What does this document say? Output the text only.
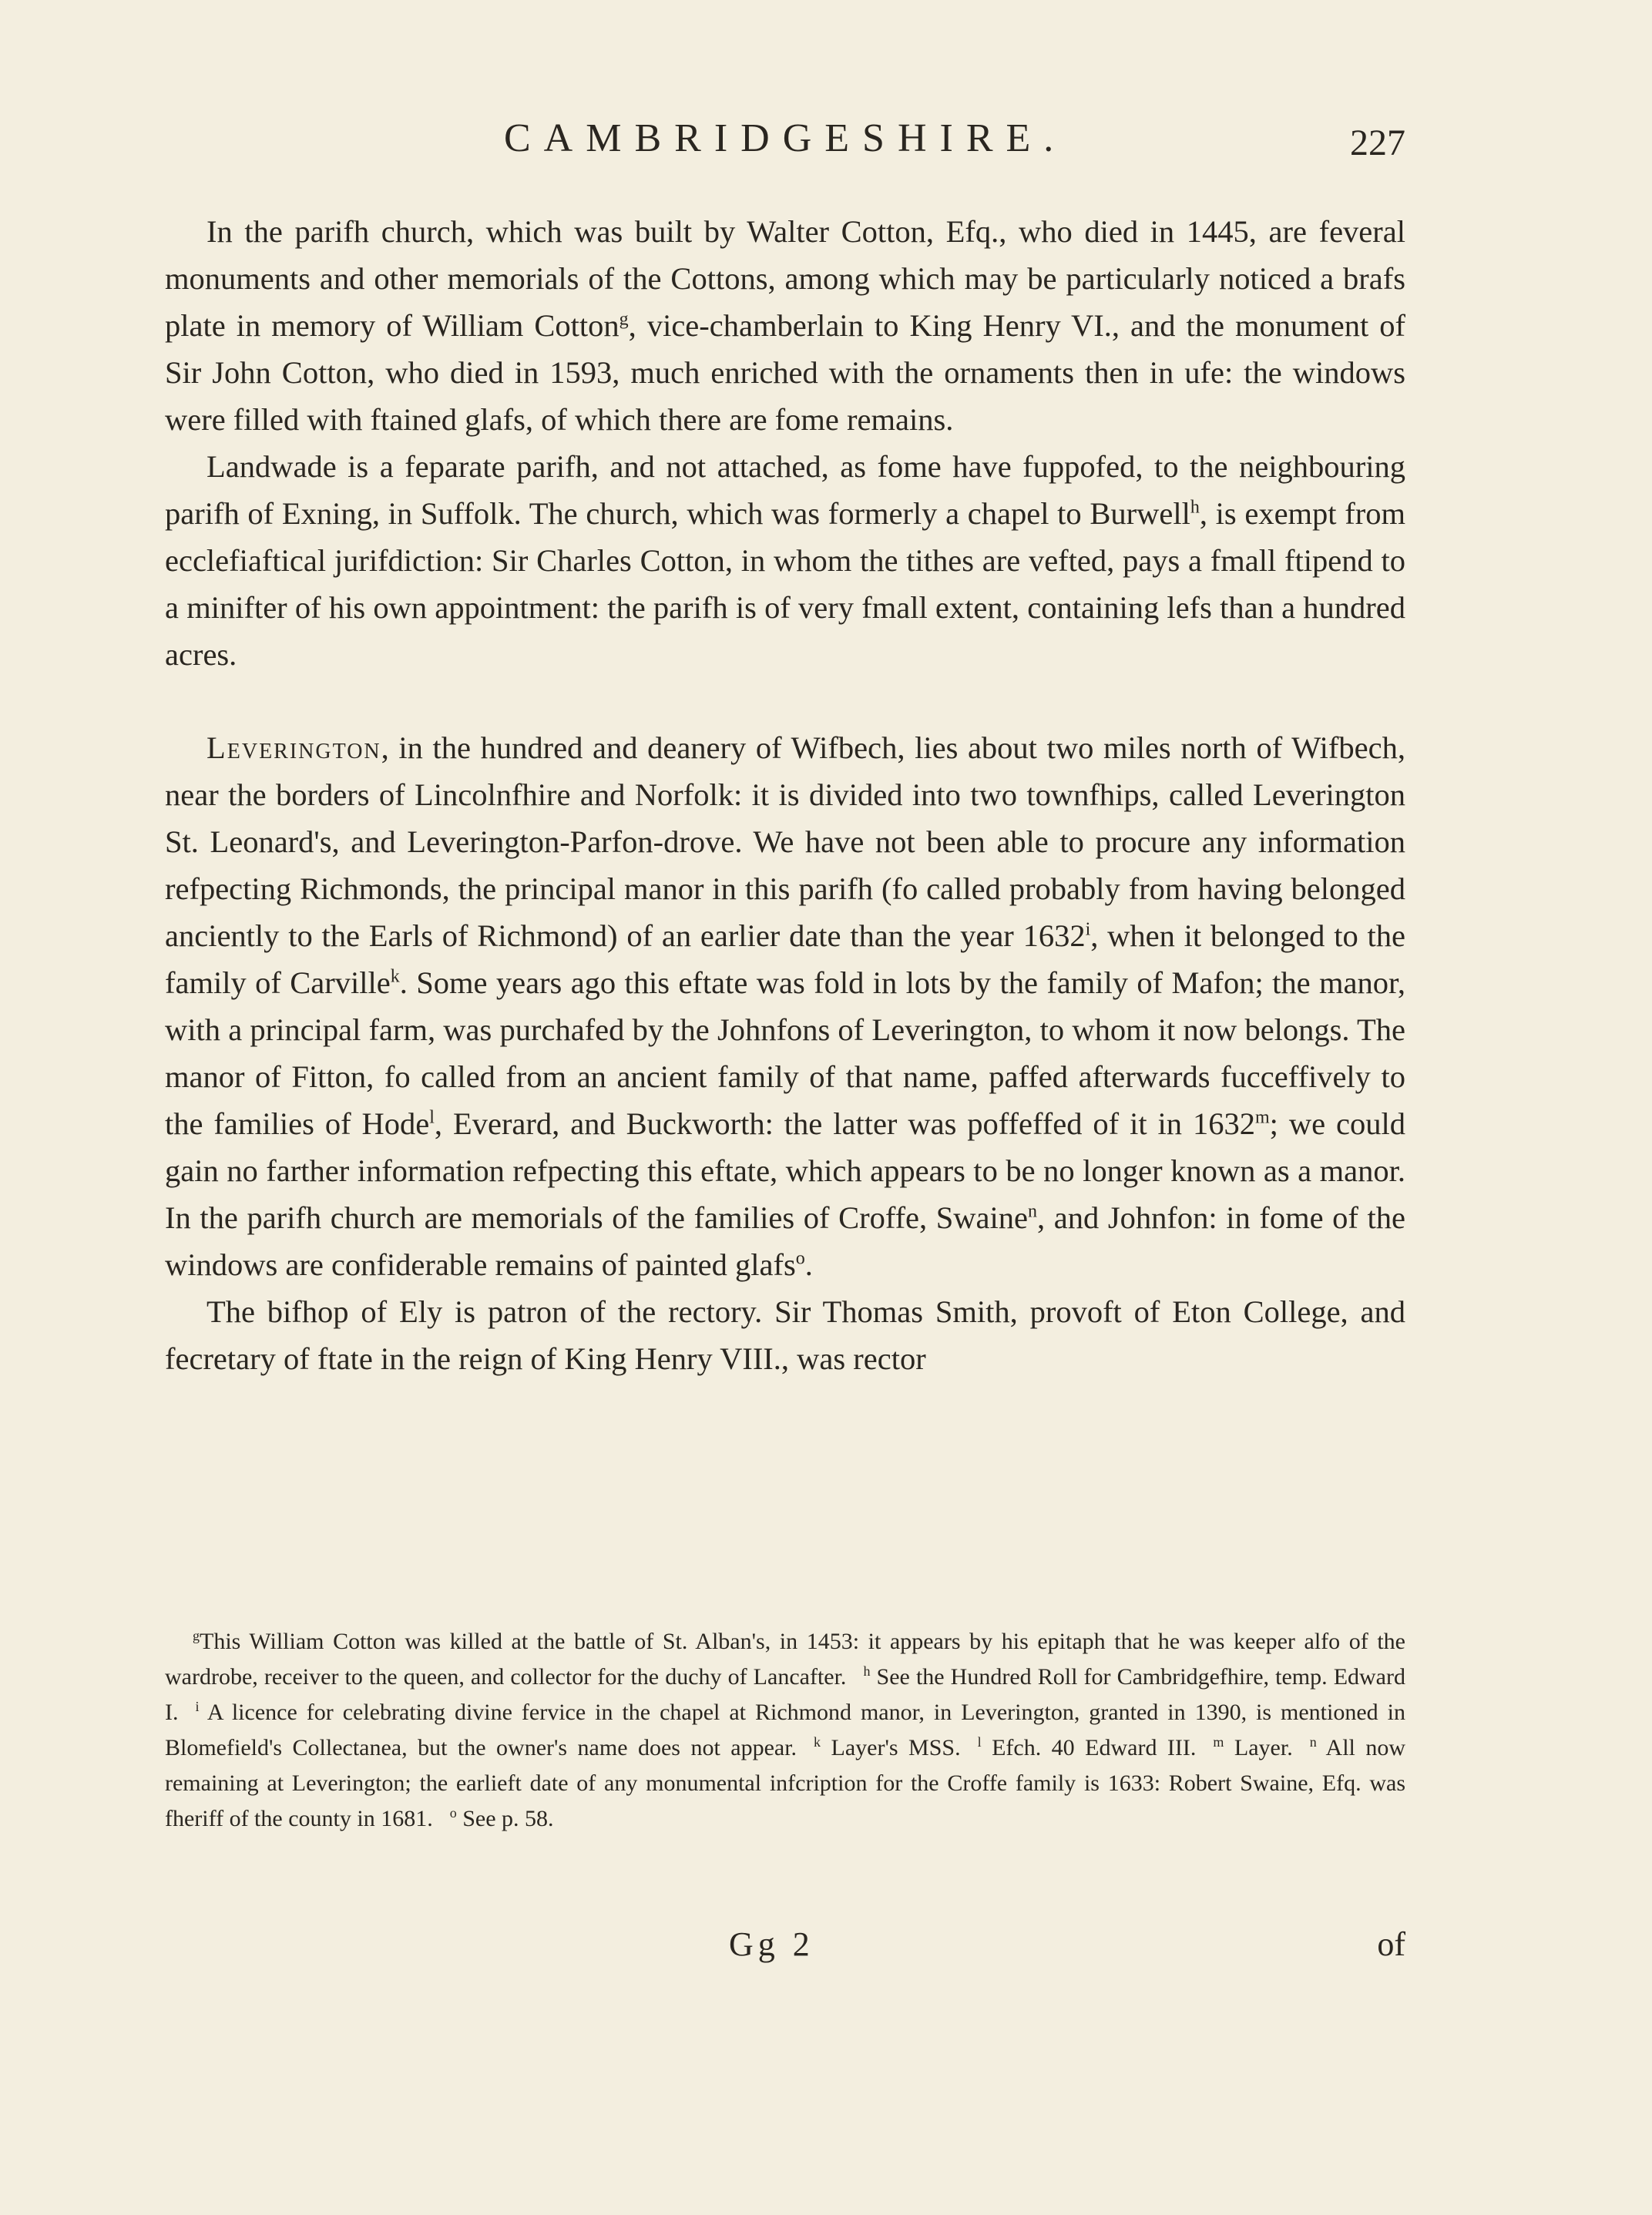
CAMBRIDGESHIRE.	227

In the parifh church, which was built by Walter Cotton, Efq., who died in 1445, are feveral monuments and other memorials of the Cottons, among which may be particularly noticed a brafs plate in memory of William Cotton$^g$, vice-chamberlain to King Henry VI., and the monument of Sir John Cotton, who died in 1593, much enriched with the ornaments then in ufe: the windows were filled with ftained glafs, of which there are fome remains.

Landwade is a feparate parifh, and not attached, as fome have fuppofed, to the neighbouring parifh of Exning, in Suffolk. The church, which was formerly a chapel to Burwell$^h$, is exempt from ecclefiaftical jurifdiction: Sir Charles Cotton, in whom the tithes are vefted, pays a fmall ftipend to a minifter of his own appointment: the parifh is of very fmall extent, containing lefs than a hundred acres.

Leverington, in the hundred and deanery of Wifbech, lies about two miles north of Wifbech, near the borders of Lincolnfhire and Norfolk: it is divided into two townfhips, called Leverington St. Leonard's, and Leverington-Parfon-drove. We have not been able to procure any information refpecting Richmonds, the principal manor in this parifh (fo called probably from having belonged anciently to the Earls of Richmond) of an earlier date than the year 1632$^i$, when it belonged to the family of Carville$^k$. Some years ago this eftate was fold in lots by the family of Mafon; the manor, with a principal farm, was purchafed by the Johnfons of Leverington, to whom it now belongs. The manor of Fitton, fo called from an ancient family of that name, paffed afterwards fucceffively to the families of Hode$^l$, Everard, and Buckworth: the latter was poffeffed of it in 1632$^m$; we could gain no farther information refpecting this eftate, which appears to be no longer known as a manor. In the parifh church are memorials of the families of Croffe, Swaine$^n$, and Johnfon: in fome of the windows are confiderable remains of painted glafs$^o$.

The bifhop of Ely is patron of the rectory. Sir Thomas Smith, provoft of Eton College, and fecretary of ftate in the reign of King Henry VIII., was rector

$^g$This William Cotton was killed at the battle of St. Alban's, in 1453: it appears by his epitaph that he was keeper alfo of the wardrobe, receiver to the queen, and collector for the duchy of Lancafter. $^h$ See the Hundred Roll for Cambridgefhire, temp. Edward I. $^i$ A licence for celebrating divine fervice in the chapel at Richmond manor, in Leverington, granted in 1390, is mentioned in Blomefield's Collectanea, but the owner's name does not appear. $^k$ Layer's MSS. $^l$ Efch. 40 Edward III. $^m$ Layer. $^n$ All now remaining at Leverington; the earlieft date of any monumental infcription for the Croffe family is 1633: Robert Swaine, Efq. was fheriff of the county in 1681. $^o$ See p. 58.

Gg 2	of
